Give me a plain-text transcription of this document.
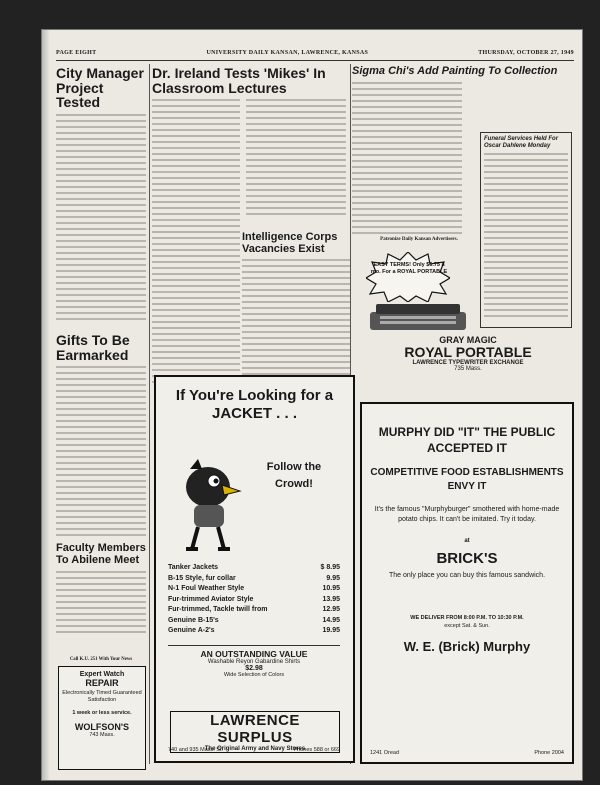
PAGE EIGHT	UNIVERSITY DAILY KANSAN, LAWRENCE, KANSAS	THURSDAY, OCTOBER 27, 1949
City Manager Project Tested
Gifts To Be Earmarked
Faculty Members To Abilene Meet
Call K.U. 251 With Your News
Expert Watch
REPAIR
Electronically Timed Guaranteed Satisfaction
1 week or less service.
WOLFSON'S
743 Mass.
Dr. Ireland Tests 'Mikes' In Classroom Lectures
Intelligence Corps Vacancies Exist
Sigma Chi's Add Painting To Collection
Funeral Services Held For Oscar Dahlene Monday
Patronize Daily Kansan Advertisers.
EASY TERMS! Only $6.75 a mo. For a ROYAL PORTABLE
GRAY MAGIC
ROYAL PORTABLE
LAWRENCE TYPEWRITER EXCHANGE
735 Mass.
If You're Looking for a JACKET . . .
Follow the Crowd!
Tanker Jackets	$ 8.95
B-15 Style, fur collar	9.95
N-1 Foul Weather Style	10.95
Fur-trimmed Aviator Style	13.95
Fur-trimmed, Tackle twill from	12.95
Genuine B-15's	14.95
Genuine A-2's	19.95
AN OUTSTANDING VALUE
Washable Reyon Gabardine Shirts
$2.98
Wide Selection of Colors
LAWRENCE SURPLUS
The Original Army and Navy Stores
740 and 935 Mass. St.	Phones 588 or 669
MURPHY DID "IT" THE PUBLIC ACCEPTED IT
COMPETITIVE FOOD ESTABLISHMENTS ENVY IT
It's the famous "Murphyburger" smothered with home-made potato chips. It can't be imitated. Try it today.
at
BRICK'S
The only place you can buy this famous sandwich.
WE DELIVER FROM 8:00 P.M. TO 10:30 P.M.
except Sat. & Sun.
W. E. (Brick) Murphy
1241 Oread	Phone 2004
